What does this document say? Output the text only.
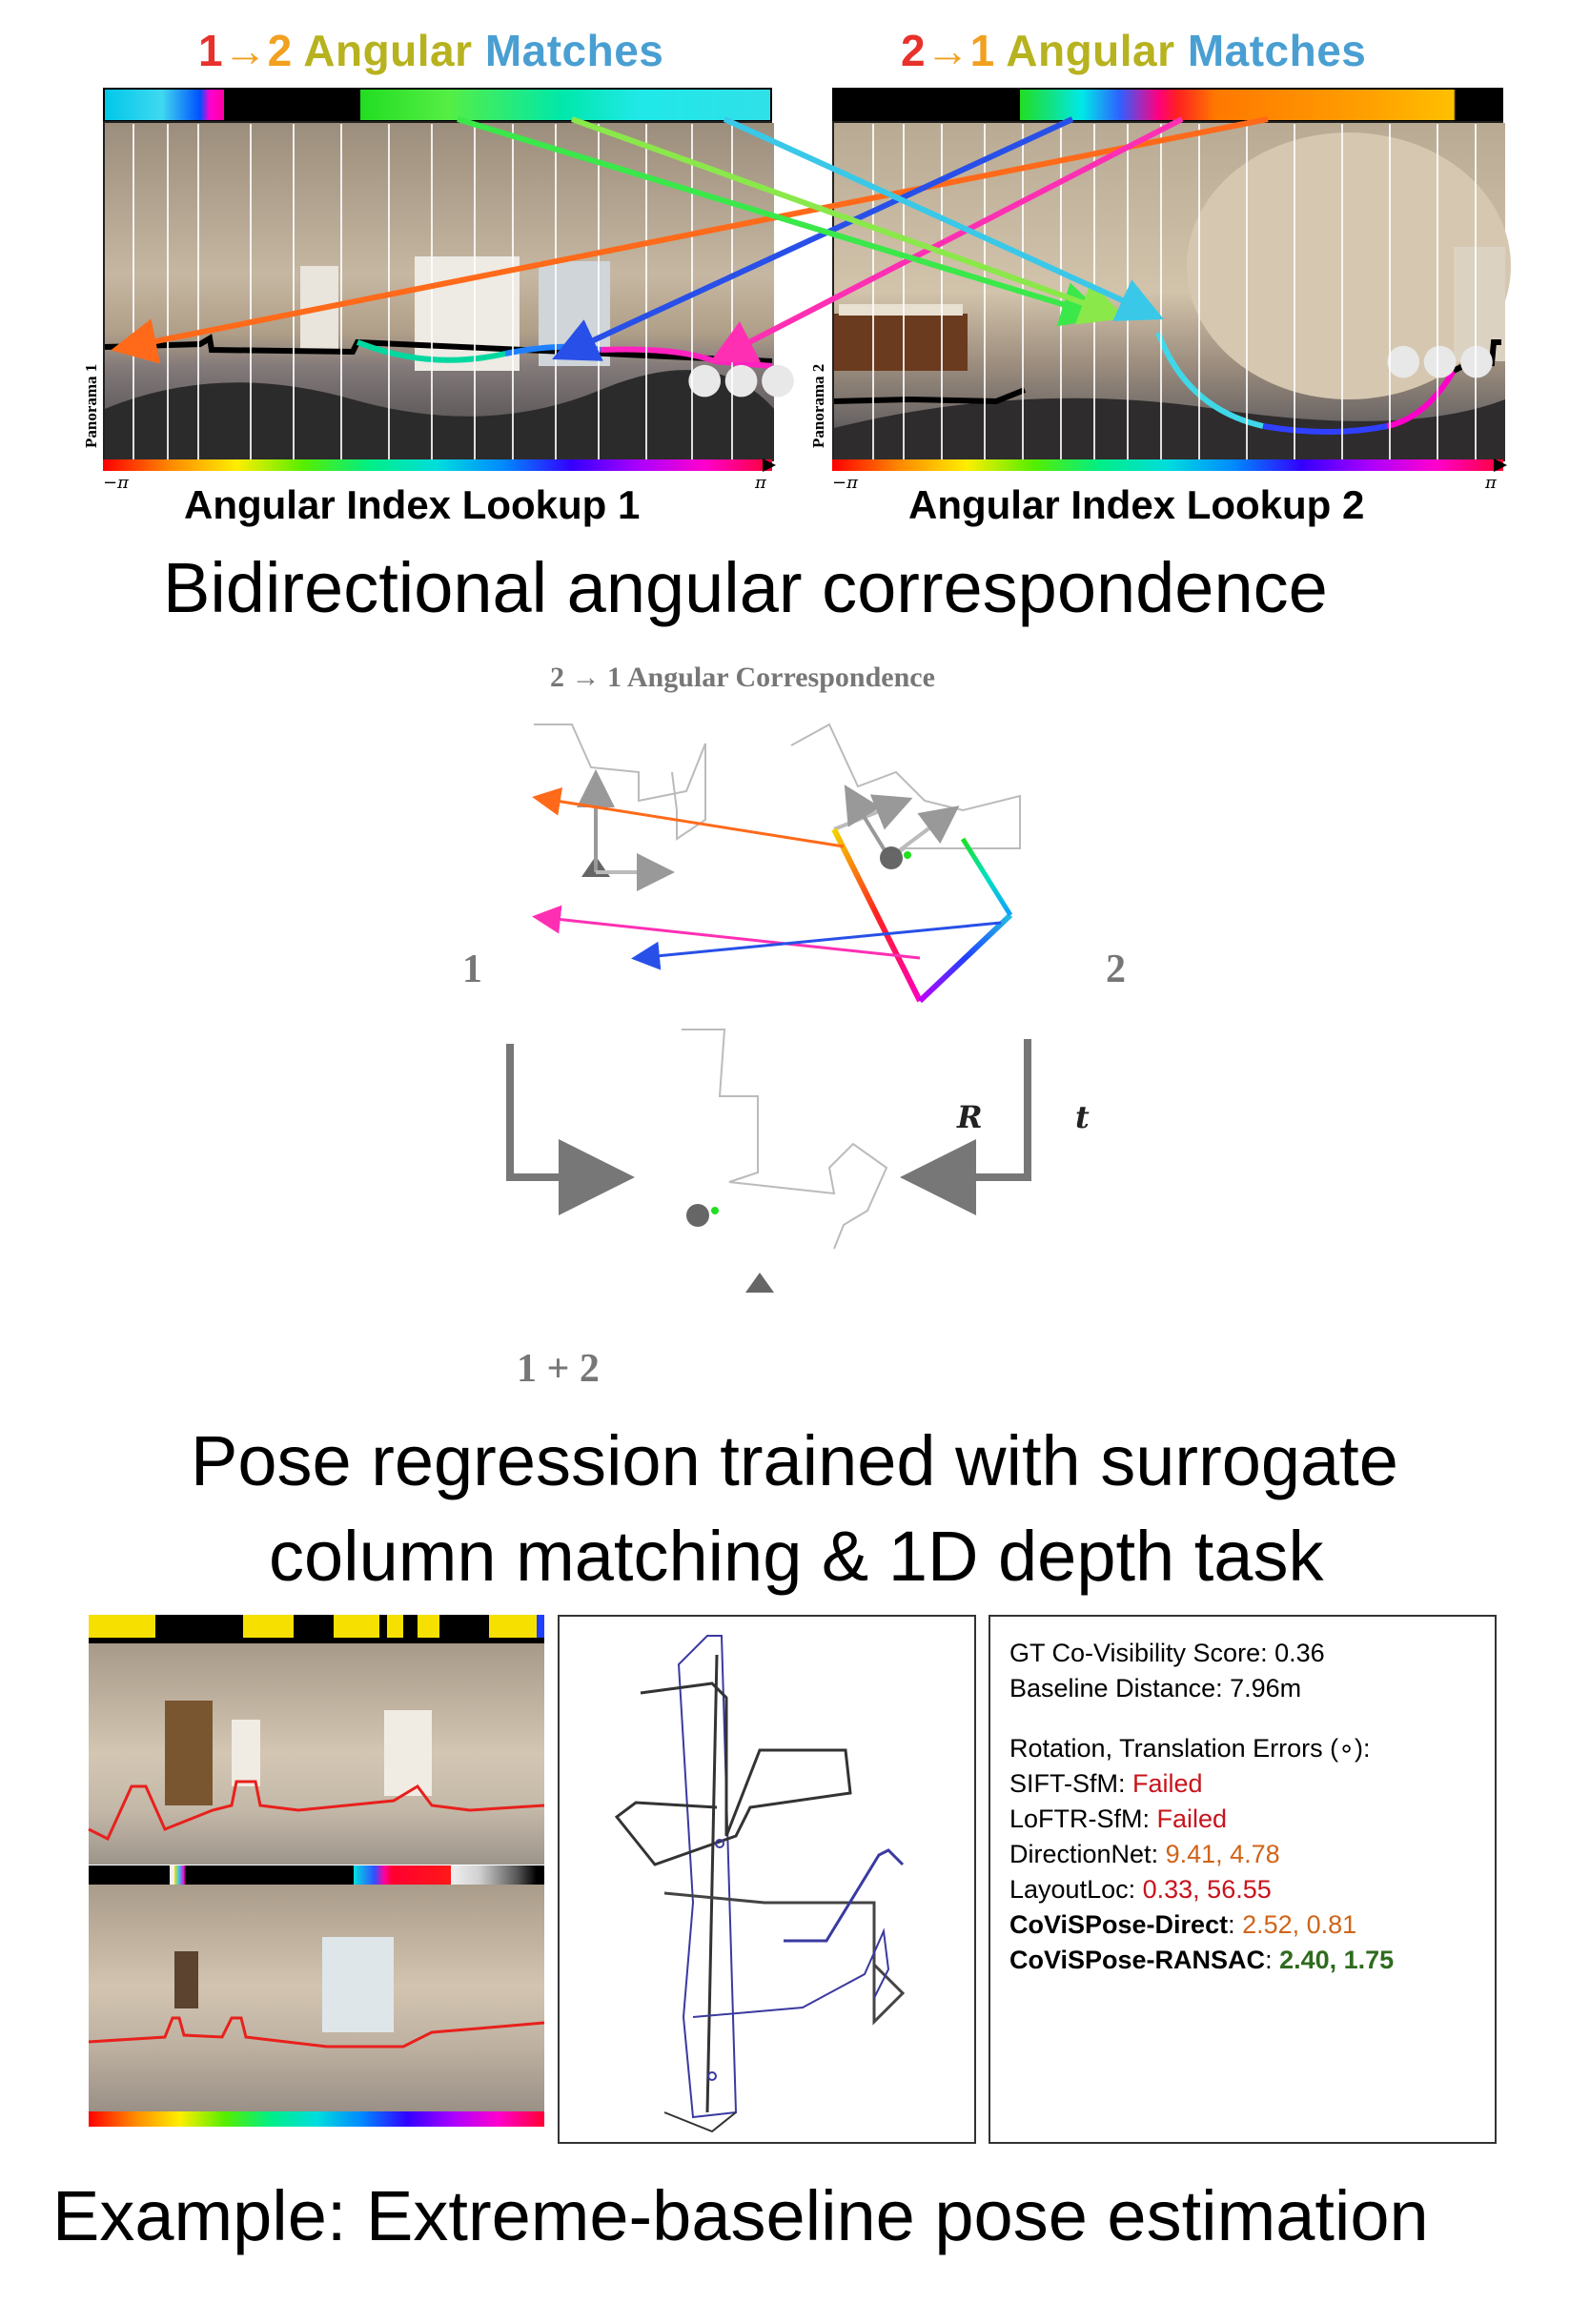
1→2 Angular Matches	2→1 Angular Matches
●●●	●●●
Panorama 1	Panorama 2
−π	π	−π	π
Angular Index Lookup 1	Angular Index Lookup 2
Bidirectional angular correspondence
2 → 1 Angular Correspondence
1	2
R	t
1 + 2
Pose regression trained with surrogate
column matching & 1D depth task
GT Co-Visibility Score: 0.36
Baseline Distance: 7.96m
Rotation, Translation Errors (∘):
SIFT-SfM: Failed
LoFTR-SfM: Failed
DirectionNet: 9.41, 4.78
LayoutLoc: 0.33, 56.55
CoViSPose-Direct: 2.52, 0.81
CoViSPose-RANSAC: 2.40, 1.75
Example: Extreme-baseline pose estimation
